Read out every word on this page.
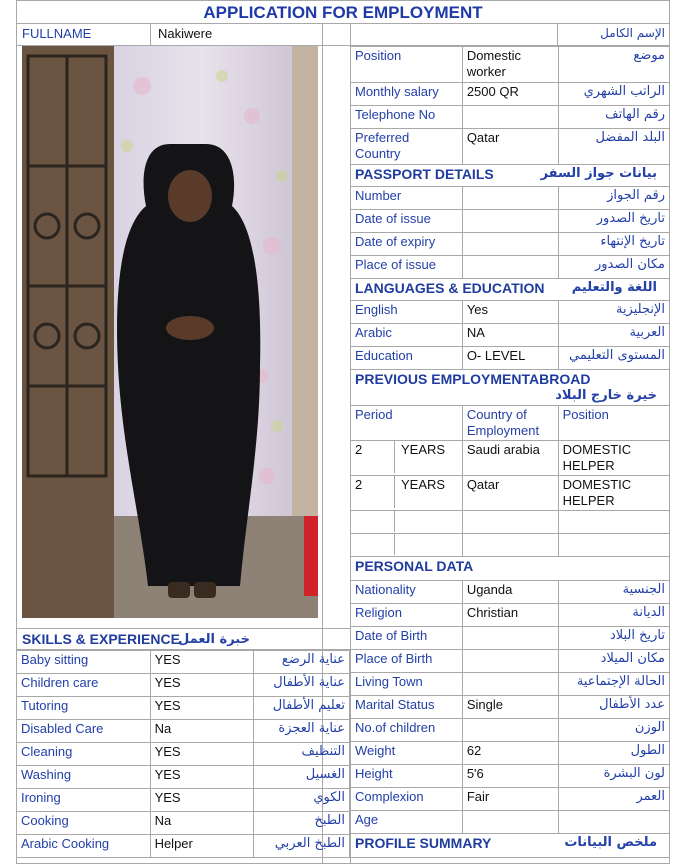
APPLICATION FOR EMPLOYMENT
FULLNAME	Nakiwere	الإسم الكامل
Position	Domestic worker	موضع
Monthly salary	2500 QR	الراتب الشهري
Telephone No		رقم الهاتف
Preferred Country	Qatar	البلد المفضل
PASSPORT DETAILS بيانات جواز السفر		

Number		رقم الجواز
Date of issue		تاريخ الصدور
Date of expiry		تاريخ الإنتهاء
Place of issue		مكان الصدور
LANGUAGES & EDUCATION اللغة والتعليم		

English	Yes	الإنجليزية
Arabic	NA	العربية
Education	O- LEVEL	المستوى التعليمي
PREVIOUS EMPLOYMENTABROAD
خيرة خارج البلاد		

Period	Country of Employment	Position

2 YEARS	Saudi arabia	DOMESTIC HELPER

2 YEARS	Qatar	DOMESTIC HELPER

PERSONAL DATA		
Nationality	Uganda	الجنسية
Religion	Christian	الديانة
Date of Birth		تاريخ البلاد
Place of Birth		مكان الميلاد
Living Town		الحالة الإجتماعية
Marital Status	Single	عدد الأطفال
No.of children		الوزن
Weight	62	الطول
Height	5'6	لون البشرة
Complexion	Fair	العمر
Age		
PROFILE SUMMARY ملخص البيانات		
SKILLS & EXPERIENCE
خبرة العمل
Baby sitting	YES	عناية الرضع
Children care	YES	عناية الأطفال
Tutoring	YES	تعليم الأطفال
Disabled Care	Na	عناية العجزة
Cleaning	YES	التنظيف
Washing	YES	الغسيل
Ironing	YES	الكوي
Cooking	Na	الطبخ
Arabic Cooking	Helper	الطبخ العربي
